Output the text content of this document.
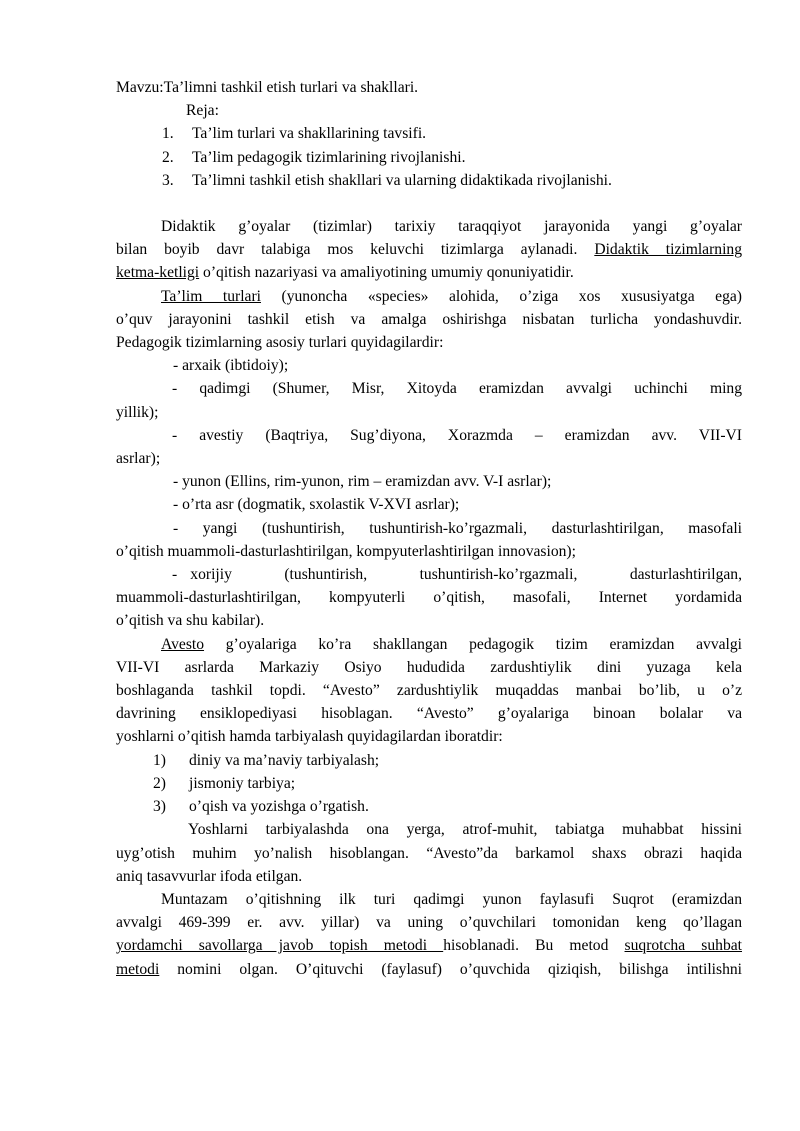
Mavzu:Ta’limni tashkil etish turlari va shakllari.
Reja:
1. Ta’lim turlari va shakllarining tavsifi.
2. Ta’lim pedagogik tizimlarining rivojlanishi.
3. Ta’limni tashkil etish shakllari va ularning didaktikada rivojlanishi.
Didaktik g’oyalar (tizimlar) tarixiy taraqqiyot jarayonida yangi g’oyalar
bilan boyib davr talabiga mos keluvchi tizimlarga aylanadi. Didaktik tizimlarning
ketma-ketligi o’qitish nazariyasi va amaliyotining umumiy qonuniyatidir.
Ta’lim turlari (yunoncha «species» alohida, o’ziga xos xususiyatga ega)
o’quv jarayonini tashkil etish va amalga oshirishga nisbatan turlicha yondashuvdir.
Pedagogik tizimlarning asosiy turlari quyidagilardir:
- arxaik (ibtidoiy);
- qadimgi (Shumer, Misr, Xitoyda eramizdan avvalgi uchinchi ming
yillik);
- avestiy (Baqtriya, Sug’diyona, Xorazmda – eramizdan avv. VII-VI
asrlar);
- yunon (Ellins, rim-yunon, rim – eramizdan avv. V-I asrlar);
- o’rta asr (dogmatik, sxolastik V-XVI asrlar);
- yangi (tushuntirish, tushuntirish-ko’rgazmali, dasturlashtirilgan, masofali
o’qitish muammoli-dasturlashtirilgan, kompyuterlashtirilgan innovasion);
- xorijiy    (tushuntirish,    tushuntirish-ko’rgazmali,    dasturlashtirilgan,
muammoli-dasturlashtirilgan, kompyuterli o’qitish, masofali, Internet yordamida
o’qitish va shu kabilar).
Avesto g’oyalariga ko’ra shakllangan pedagogik tizim eramizdan avvalgi
VII-VI asrlarda Markaziy Osiyo hududida zardushtiylik dini yuzaga kela
boshlaganda tashkil topdi. “Avesto” zardushtiylik muqaddas manbai bo’lib, u o’z
davrining ensiklopediyasi hisoblagan. “Avesto” g’oyalariga binoan bolalar va
yoshlarni o’qitish hamda tarbiyalash quyidagilardan iboratdir:
1) diniy va ma’naviy tarbiyalash;
2) jismoniy tarbiya;
3) o’qish va yozishga o’rgatish.
Yoshlarni tarbiyalashda ona yerga, atrof-muhit, tabiatga muhabbat hissini
uyg’otish muhim yo’nalish hisoblangan. “Avesto”da barkamol shaxs obrazi haqida
aniq tasavvurlar ifoda etilgan.
Muntazam o’qitishning ilk turi qadimgi yunon faylasufi Suqrot (eramizdan
avvalgi 469-399 er. avv. yillar) va uning o’quvchilari tomonidan keng qo’llagan
yordamchi savollarga javob topish metodi hisoblanadi. Bu metod suqrotcha suhbat
metodi nomini olgan. O’qituvchi (faylasuf) o’quvchida qiziqish, bilishga intilishni
